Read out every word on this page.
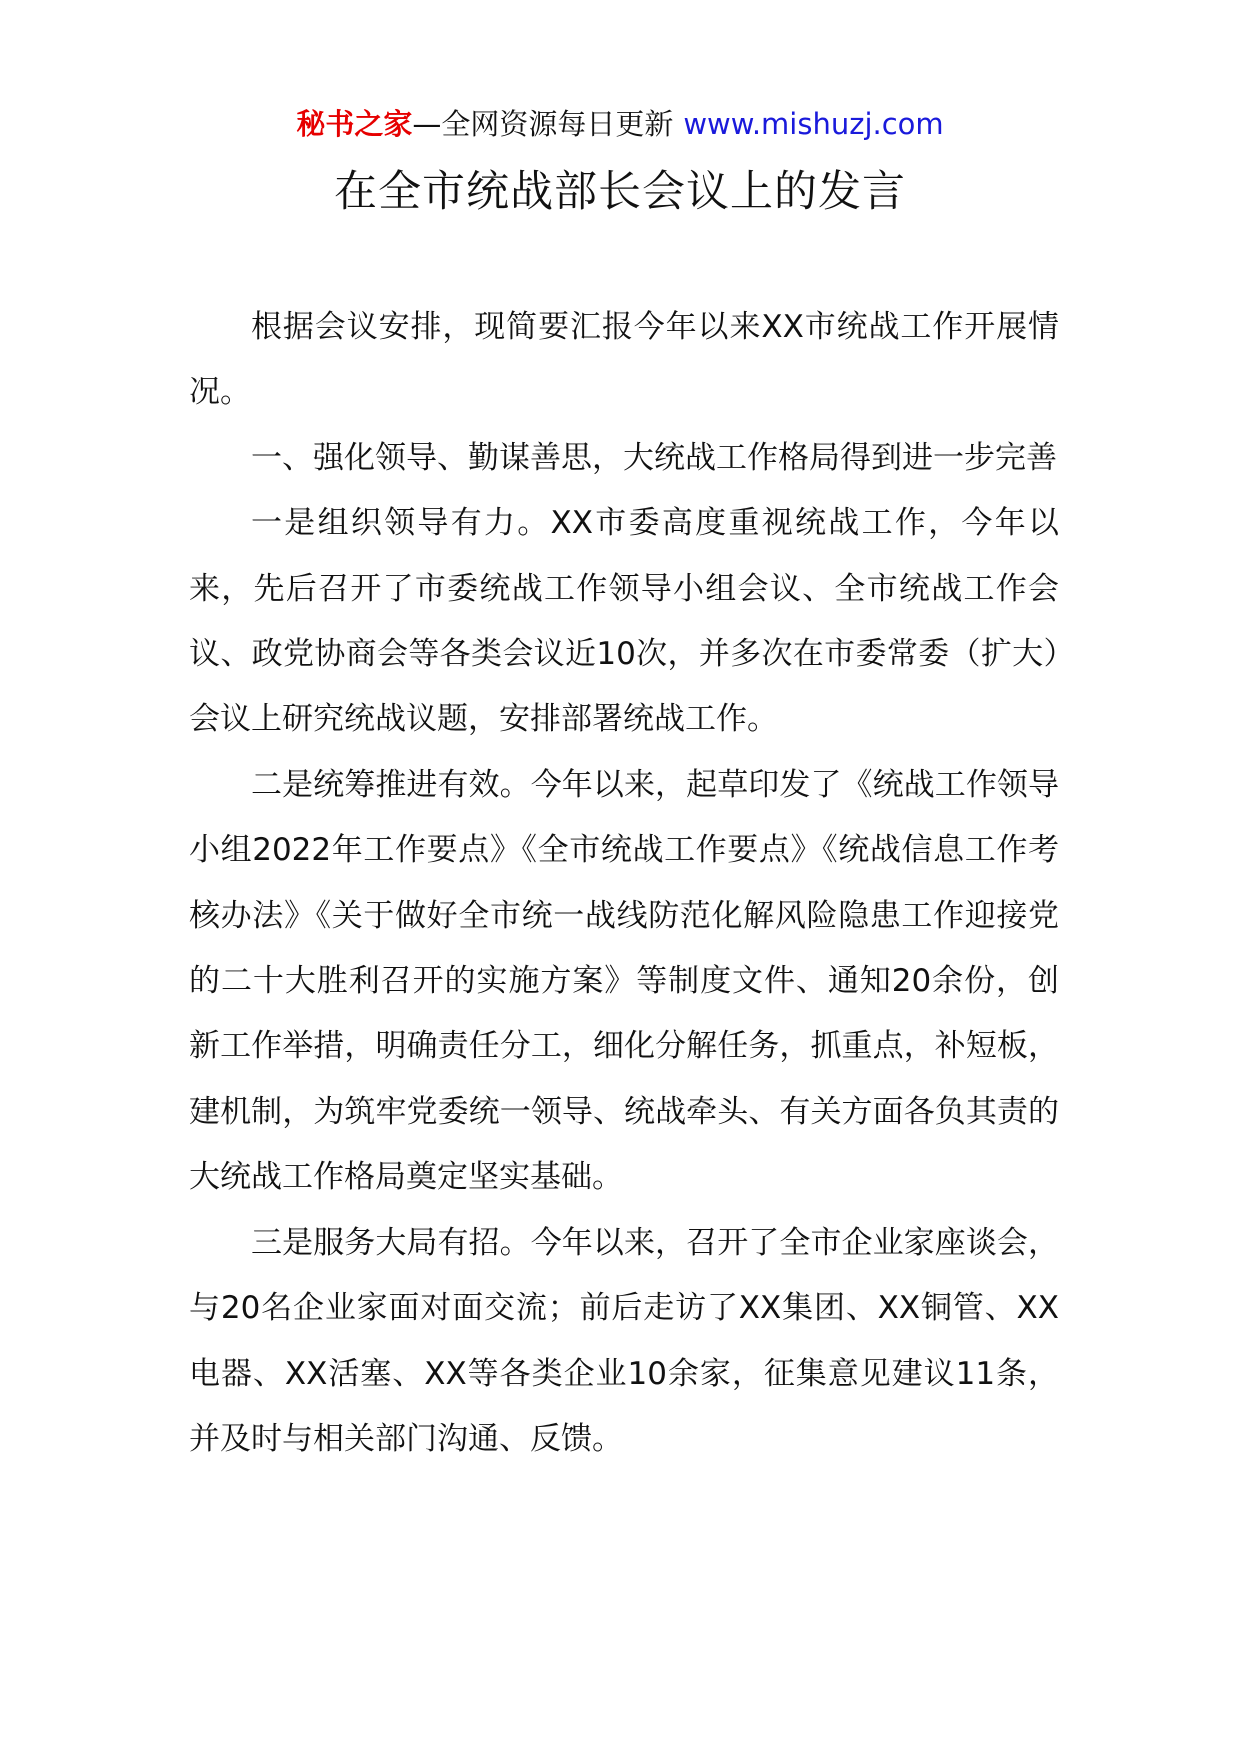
秘书之家—全网资源每日更新 www.mishuzj.com
在全市统战部长会议上的发言

根据会议安排，现简要汇报今年以来XX市统战工作开展情况。

一、强化领导、勤谋善思，大统战工作格局得到进一步完善

一是组织领导有力。XX市委高度重视统战工作，今年以来，先后召开了市委统战工作领导小组会议、全市统战工作会议、政党协商会等各类会议近10次，并多次在市委常委（扩大）会议上研究统战议题，安排部署统战工作。

二是统筹推进有效。今年以来，起草印发了《统战工作领导小组2022年工作要点》《全市统战工作要点》《统战信息工作考核办法》《关于做好全市统一战线防范化解风险隐患工作迎接党的二十大胜利召开的实施方案》等制度文件、通知20余份，创新工作举措，明确责任分工，细化分解任务，抓重点，补短板，建机制，为筑牢党委统一领导、统战牵头、有关方面各负其责的大统战工作格局奠定坚实基础。

三是服务大局有招。今年以来，召开了全市企业家座谈会，与20名企业家面对面交流；前后走访了XX集团、XX铜管、XX电器、XX活塞、XX等各类企业10余家，征集意见建议11条，并及时与相关部门沟通、反馈。
